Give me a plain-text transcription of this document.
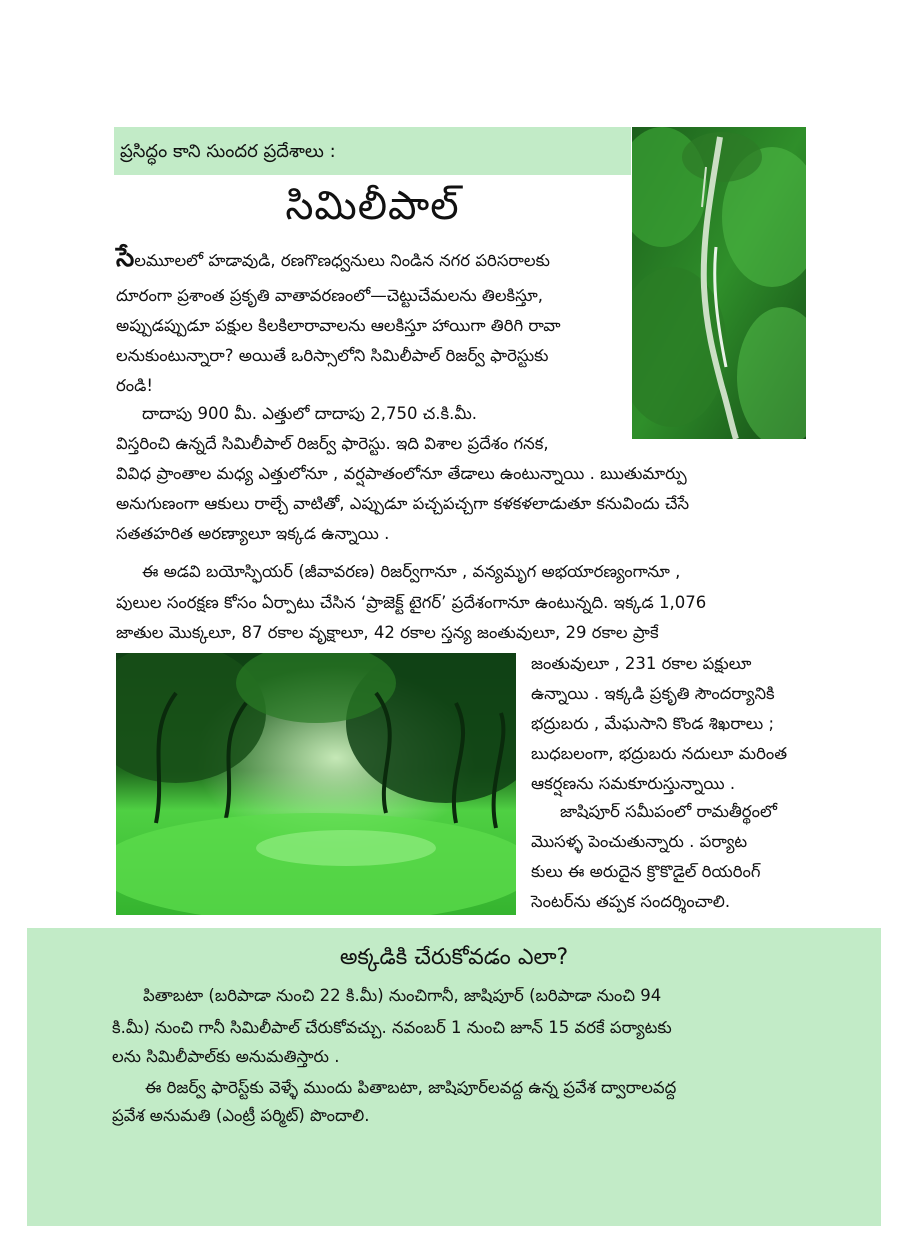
ప్రసిద్ధం కాని సుందర ప్రదేశాలు :
సిమిలీపాల్
సేలమూలలో హడావుడి, రణగొణధ్వనులు నిండిన నగర పరిసరాలకు
దూరంగా ప్రశాంత ప్రకృతి వాతావరణంలో—చెట్టుచేమలను తిలకిస్తూ,
అప్పుడప్పుడూ పక్షుల కిలకిలారావాలను ఆలకిస్తూ హాయిగా తిరిగి రావా
లనుకుంటున్నారా? అయితే ఒరిస్సాలోని సిమిలీపాల్ రిజర్వ్ ఫారెస్టుకు
రండి!
దాదాపు 900 మీ. ఎత్తులో దాదాపు 2,750 చ.కి.మీ.
విస్తరించి ఉన్నదే సిమిలీపాల్ రిజర్వ్ ఫారెస్టు. ఇది విశాల ప్రదేశం గనక,
వివిధ ప్రాంతాల మధ్య ఎత్తులోనూ , వర్షపాతంలోనూ తేడాలు ఉంటున్నాయి . ఋతుమార్పు
అనుగుణంగా ఆకులు రాల్చే వాటితో, ఎప్పుడూ పచ్చపచ్చగా కళకళలాడుతూ కనువిందు చేసే
సతతహరిత అరణ్యాలూ ఇక్కడ ఉన్నాయి .
ఈ అడవి బయోస్ఫియర్ (జీవావరణ) రిజర్వ్‌గానూ , వన్యమృగ అభయారణ్యంగానూ ,
పులుల సంరక్షణ కోసం ఏర్పాటు చేసిన ‘ప్రాజెక్ట్ టైగర్’ ప్రదేశంగానూ ఉంటున్నది. ఇక్కడ 1,076
జాతుల మొక్కలూ, 87 రకాల వృక్షాలూ, 42 రకాల స్తన్య జంతువులూ, 29 రకాల ప్రాకే
జంతువులూ , 231 రకాల పక్షులూ
ఉన్నాయి . ఇక్కడి ప్రకృతి సౌందర్యానికి
భద్రుబరు , మేఘసాని కొండ శిఖరాలు ;
బుధబలంగా, భద్రుబరు నదులూ మరింత
ఆకర్షణను సమకూరుస్తున్నాయి .
జాషిపూర్ సమీపంలో రామతీర్థంలో
మొసళ్ళ పెంచుతున్నారు . పర్యాట
కులు ఈ అరుదైన క్రొకొడైల్ రియరింగ్
సెంటర్‌ను తప్పక సందర్శించాలి.
అక్కడికి చేరుకోవడం ఎలా?
పితాబటా (బరిపాడా నుంచి 22 కి.మీ) నుంచిగానీ, జాషిపూర్ (బరిపాడా నుంచి 94
కి.మీ) నుంచి గానీ సిమిలీపాల్ చేరుకోవచ్చు. నవంబర్ 1 నుంచి జూన్ 15 వరకే పర్యాటకు
లను సిమిలీపాల్‌కు అనుమతిస్తారు .
ఈ రిజర్వ్ ఫారెస్ట్‌కు వెళ్ళే ముందు పితాబటా, జాషిపూర్‌లవద్ద ఉన్న ప్రవేశ ద్వారాలవద్ద
ప్రవేశ అనుమతి (ఎంట్రీ పర్మిట్) పొందాలి.
